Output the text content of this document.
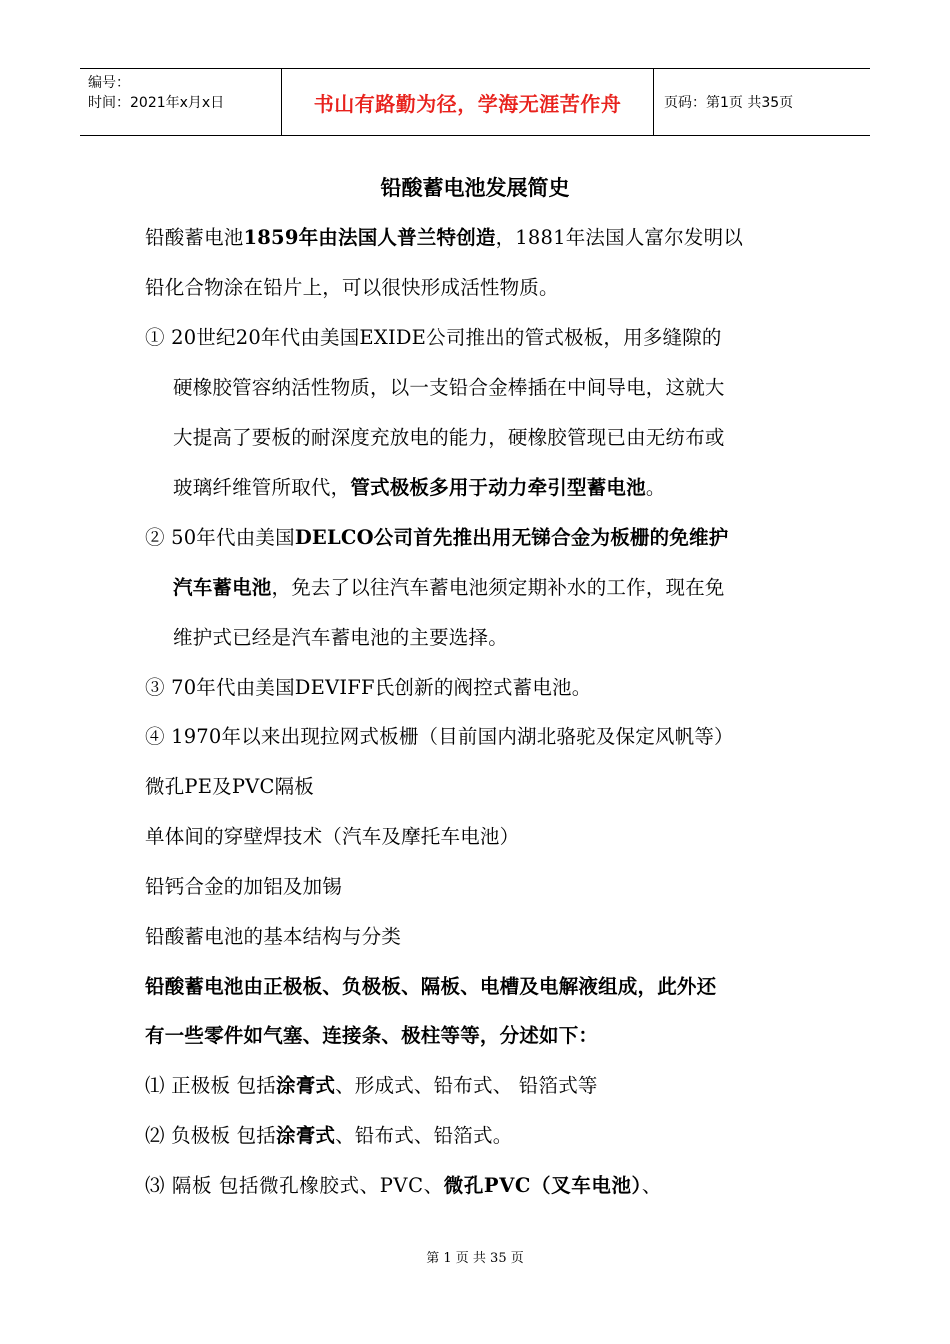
编号：
时间：2021年x月x日	书山有路勤为径，学海无涯苦作舟	页码：第1页 共35页
铅酸蓄电池发展简史
铅酸蓄电池1859年由法国人普兰特创造，1881年法国人富尔发明以
铅化合物涂在铅片上，可以很快形成活性物质。
① 20世纪20年代由美国EXIDE公司推出的管式极板，用多缝隙的
硬橡胶管容纳活性物质，以一支铅合金棒插在中间导电，这就大
大提高了要板的耐深度充放电的能力，硬橡胶管现已由无纺布或
玻璃纤维管所取代，管式极板多用于动力牵引型蓄电池。
② 50年代由美国DELCO公司首先推出用无锑合金为板栅的免维护
汽车蓄电池，免去了以往汽车蓄电池须定期补水的工作，现在免
维护式已经是汽车蓄电池的主要选择。
③ 70年代由美国DEVIFF氏创新的阀控式蓄电池。
④ 1970年以来出现拉网式板栅（目前国内湖北骆驼及保定风帆等）
微孔PE及PVC隔板
单体间的穿壁焊技术（汽车及摩托车电池）
铅钙合金的加铝及加锡
铅酸蓄电池的基本结构与分类
铅酸蓄电池由正极板、负极板、隔板、电槽及电解液组成，此外还
有一些零件如气塞、连接条、极柱等等，分述如下：
⑴ 正极板 包括涂膏式、形成式、铅布式、 铅箔式等
⑵ 负极板 包括涂膏式、铅布式、铅箔式。
⑶ 隔板 包括微孔橡胶式、PVC、微孔PVC（叉车电池）、
第 1 页 共 35 页
